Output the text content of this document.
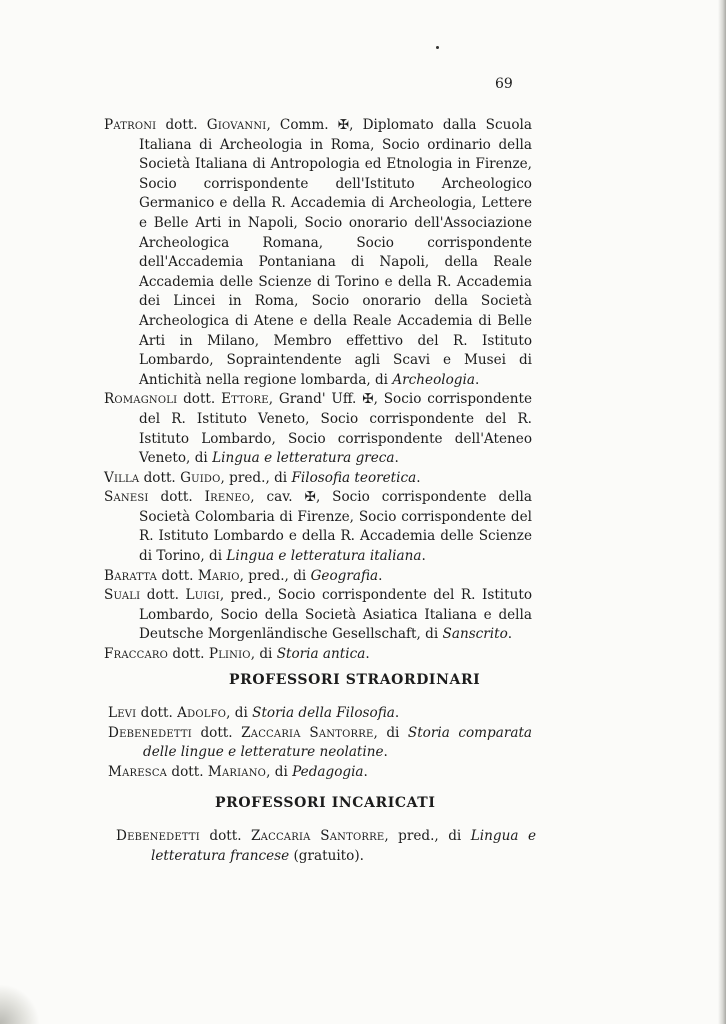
69

Patroni dott. Giovanni, Comm. ✠, Diplomato dalla Scuola Italiana di Archeologia in Roma, Socio ordinario della Società Italiana di Antropologia ed Etnologia in Firenze, Socio corrispondente dell'Istituto Archeologico Germanico e della R. Accademia di Archeologia, Lettere e Belle Arti in Napoli, Socio onorario dell'Associazione Archeologica Romana, Socio corrispondente dell'Accademia Pontaniana di Napoli, della Reale Accademia delle Scienze di Torino e della R. Accademia dei Lincei in Roma, Socio onorario della Società Archeologica di Atene e della Reale Accademia di Belle Arti in Milano, Membro effettivo del R. Istituto Lombardo, Sopraintendente agli Scavi e Musei di Antichità nella regione lombarda, di Archeologia.

Romagnoli dott. Ettore, Grand' Uff. ✠, Socio corrispondente del R. Istituto Veneto, Socio corrispondente del R. Istituto Lombardo, Socio corrispondente dell'Ateneo Veneto, di Lingua e letteratura greca.

Villa dott. Guido, pred., di Filosofia teoretica.

Sanesi dott. Ireneo, cav. ✠, Socio corrispondente della Società Colombaria di Firenze, Socio corrispondente del R. Istituto Lombardo e della R. Accademia delle Scienze di Torino, di Lingua e letteratura italiana.

Baratta dott. Mario, pred., di Geografia.

Suali dott. Luigi, pred., Socio corrispondente del R. Istituto Lombardo, Socio della Società Asiatica Italiana e della Deutsche Morgenländische Gesellschaft, di Sanscrito.

Fraccaro dott. Plinio, di Storia antica.

PROFESSORI STRAORDINARI

Levi dott. Adolfo, di Storia della Filosofia.

Debenedetti dott. Zaccaria Santorre, di Storia comparata delle lingue e letterature neolatine.

Maresca dott. Mariano, di Pedagogia.

PROFESSORI INCARICATI

Debenedetti dott. Zaccaria Santorre, pred., di Lingua e letteratura francese (gratuito).
